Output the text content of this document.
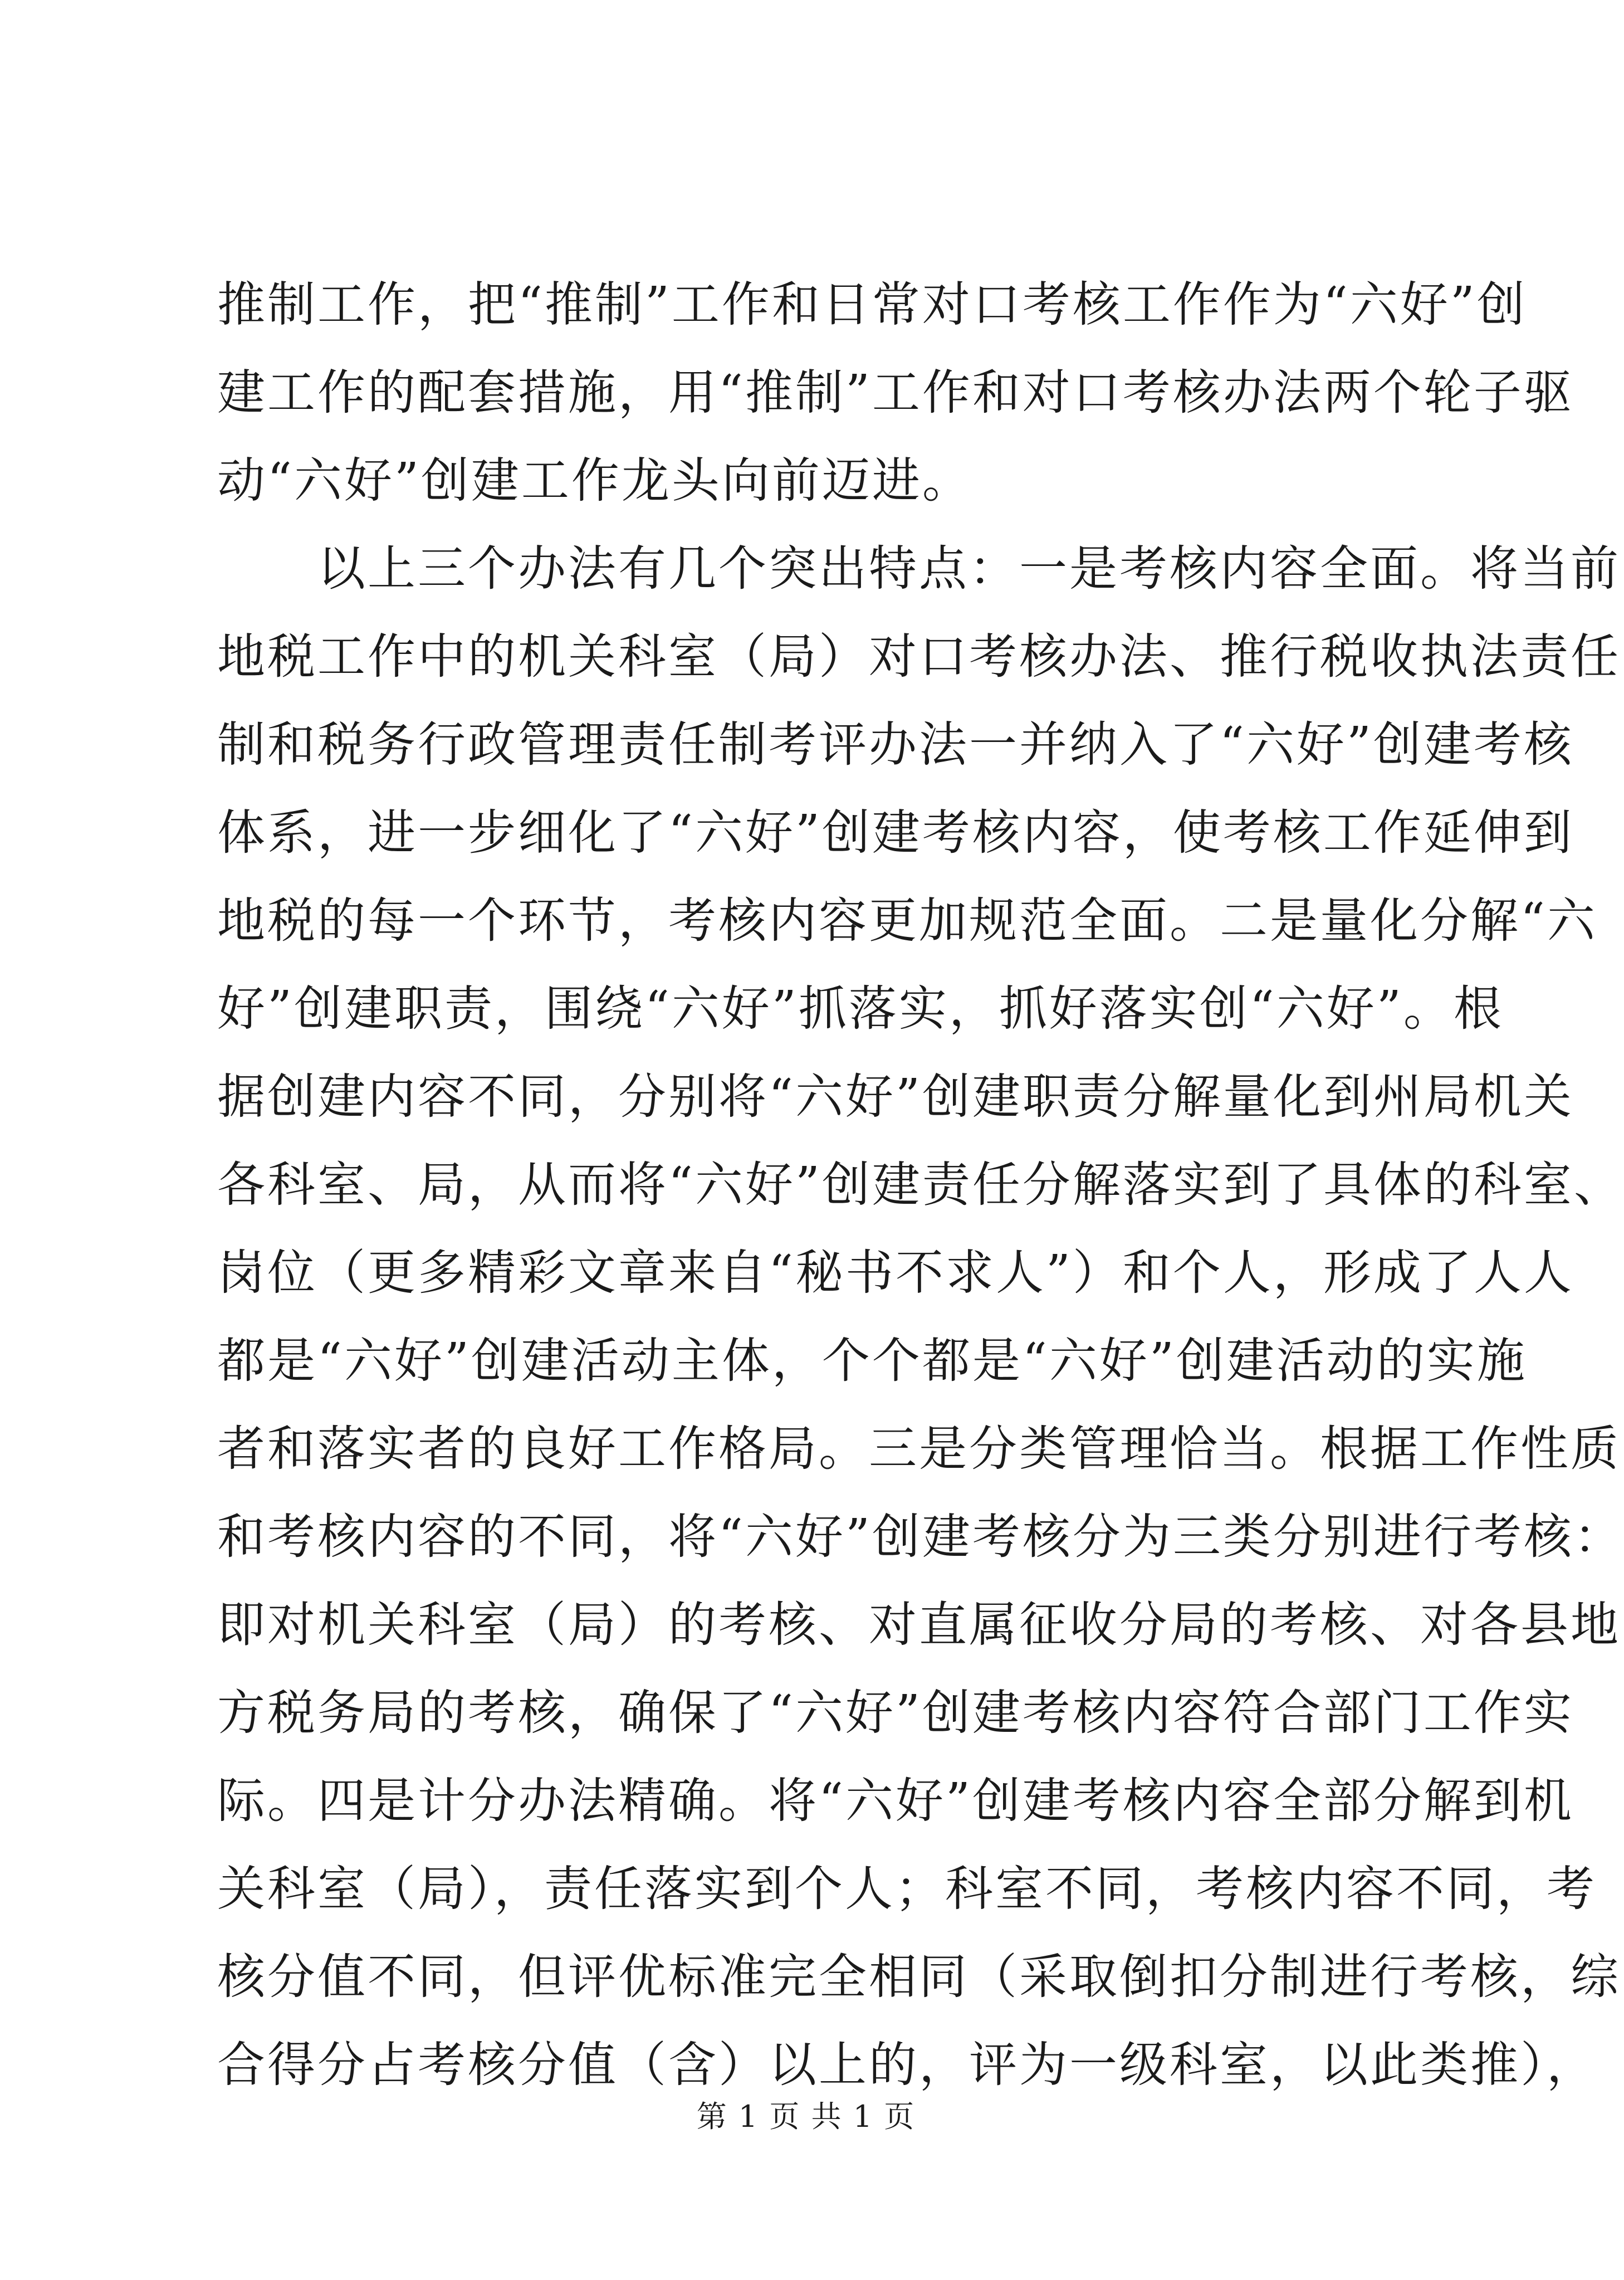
推制工作，把“推制”工作和日常对口考核工作作为“六好”创
建工作的配套措施，用“推制”工作和对口考核办法两个轮子驱
动“六好”创建工作龙头向前迈进。
以上三个办法有几个突出特点：一是考核内容全面。将当前
地税工作中的机关科室（局）对口考核办法、推行税收执法责任
制和税务行政管理责任制考评办法一并纳入了“六好”创建考核
体系，进一步细化了“六好”创建考核内容，使考核工作延伸到
地税的每一个环节，考核内容更加规范全面。二是量化分解“六
好”创建职责，围绕“六好”抓落实，抓好落实创“六好”。根
据创建内容不同，分别将“六好”创建职责分解量化到州局机关
各科室、局，从而将“六好”创建责任分解落实到了具体的科室、
岗位（更多精彩文章来自“秘书不求人”）和个人，形成了人人
都是“六好”创建活动主体，个个都是“六好”创建活动的实施
者和落实者的良好工作格局。三是分类管理恰当。根据工作性质
和考核内容的不同，将“六好”创建考核分为三类分别进行考核：
即对机关科室（局）的考核、对直属征收分局的考核、对各县地
方税务局的考核，确保了“六好”创建考核内容符合部门工作实
际。四是计分办法精确。将“六好”创建考核内容全部分解到机
关科室（局），责任落实到个人；科室不同，考核内容不同，考
核分值不同，但评优标准完全相同（采取倒扣分制进行考核，综
合得分占考核分值（含）以上的，评为一级科室，以此类推），
第 1 页 共 1 页
